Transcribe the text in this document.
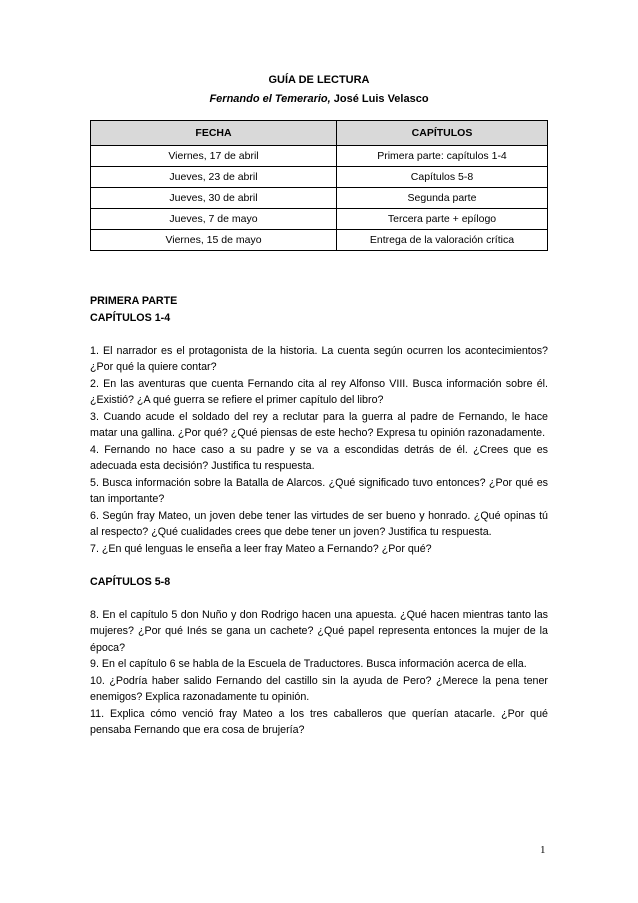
GUÍA DE LECTURA
Fernando el Temerario, José Luis Velasco
FECHA	CAPÍTULOS
Viernes, 17 de abril	Primera parte: capítulos 1-4
Jueves, 23 de abril	Capítulos 5-8
Jueves, 30 de abril	Segunda parte
Jueves, 7 de mayo	Tercera parte + epílogo
Viernes, 15 de mayo	Entrega de la valoración crítica
PRIMERA PARTE
CAPÍTULOS 1-4
1. El narrador es el protagonista de la historia. La cuenta según ocurren los acontecimientos? ¿Por qué la quiere contar?
2. En las aventuras que cuenta Fernando cita al rey Alfonso VIII. Busca información sobre él. ¿Existió? ¿A qué guerra se refiere el primer capítulo del libro?
3. Cuando acude el soldado del rey a reclutar para la guerra al padre de Fernando, le hace matar una gallina. ¿Por qué? ¿Qué piensas de este hecho? Expresa tu opinión razonadamente.
4. Fernando no hace caso a su padre y se va a escondidas detrás de él. ¿Crees que es adecuada esta decisión? Justifica tu respuesta.
5. Busca información sobre la Batalla de Alarcos. ¿Qué significado tuvo entonces? ¿Por qué es tan importante?
6. Según fray Mateo, un joven debe tener las virtudes de ser bueno y honrado. ¿Qué opinas tú al respecto? ¿Qué cualidades crees que debe tener un joven? Justifica tu respuesta.
7. ¿En qué lenguas le enseña a leer fray Mateo a Fernando? ¿Por qué?
CAPÍTULOS 5-8
8. En el capítulo 5 don Nuño y don Rodrigo hacen una apuesta. ¿Qué hacen mientras tanto las mujeres? ¿Por qué Inés se gana un cachete? ¿Qué papel representa entonces la mujer de la época?
9. En el capítulo 6 se habla de la Escuela de Traductores. Busca información acerca de ella.
10. ¿Podría haber salido Fernando del castillo sin la ayuda de Pero? ¿Merece la pena tener enemigos? Explica razonadamente tu opinión.
11. Explica cómo venció fray Mateo a los tres caballeros que querían atacarle. ¿Por qué pensaba Fernando que era cosa de brujería?
1
